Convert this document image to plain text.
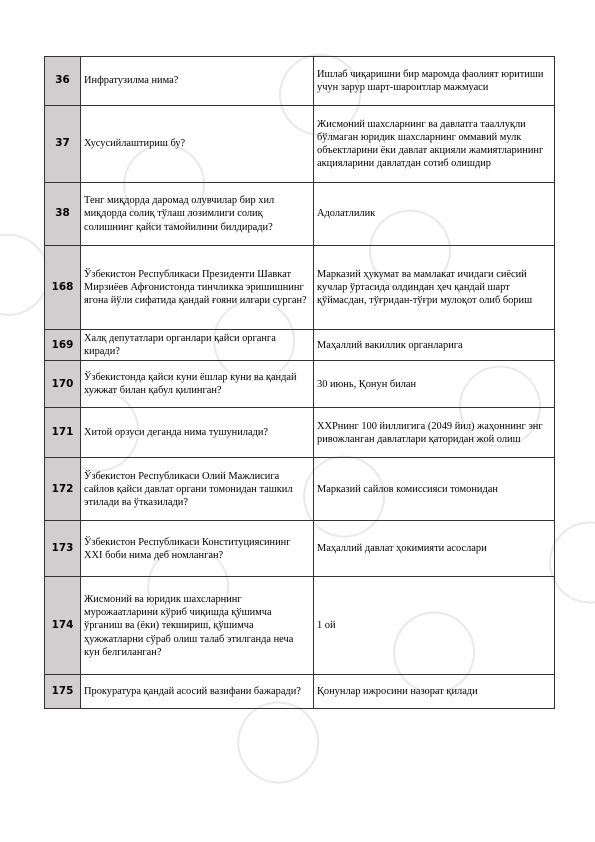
36	Инфратузилма нима?	Ишлаб чиқаришни бир маромда фаолият юритиши учун зарур шарт-шароитлар мажмуаси
37	Хусусийлаштириш бу?	Жисмоний шахсларнинг ва давлатга тааллуқли бўлмаган юридик шахсларнинг оммавий мулк объектларини ёки давлат акцияли жамиятларининг акцияларини давлатдан сотиб олишдир
38	Тенг миқдорда даромад олувчилар бир хил миқдорда солиқ тўлаш лозимлиги солиқ солишнинг қайси тамойилини билдиради?	Адолатлилик
168	Ўзбекистон Республикаси Президенти Шавкат Мирзиёев Афғонистонда тинчликка эришишнинг ягона йўли сифатида қандай ғояни илгари сурган?	Марказий ҳукумат ва мамлакат ичидаги сиёсий кучлар ўртасида олдиндан ҳеч қандай шарт қўймасдан, тўғридан-тўғри мулоқот олиб бориш
169	Халқ депутатлари органлари қайси органга киради?	Маҳаллий вакиллик органларига
170	Ўзбекистонда қайси куни ёшлар куни ва қандай хужжат билан қабул қилинган?	30 июнь, Қонун билан
171	Хитой орзуси деганда нима тушунилади?	ХХРнинг 100 йиллигига (2049 йил) жаҳоннинг энг ривожланган давлатлари қаторидан жой олиш
172	Ўзбекистон Республикаси Олий Мажлисига сайлов қайси давлат органи томонидан ташкил этилади ва ўтказилади?	Марказий сайлов комиссияси томонидан
173	Ўзбекистон Республикаси Конституциясининг XXI боби нима деб номланган?	Маҳаллий давлат ҳокимияти асослари
174	Жисмоний ва юридик шахсларнинг мурожаатларини кўриб чиқишда қўшимча ўрганиш ва (ёки) текшириш, қўшимча ҳужжатларни сўраб олиш талаб этилганда неча кун белгиланган?	1 ой
175	Прокуратура қандай асосий вазифани бажаради?	Қонунлар ижросини назорат қилади
